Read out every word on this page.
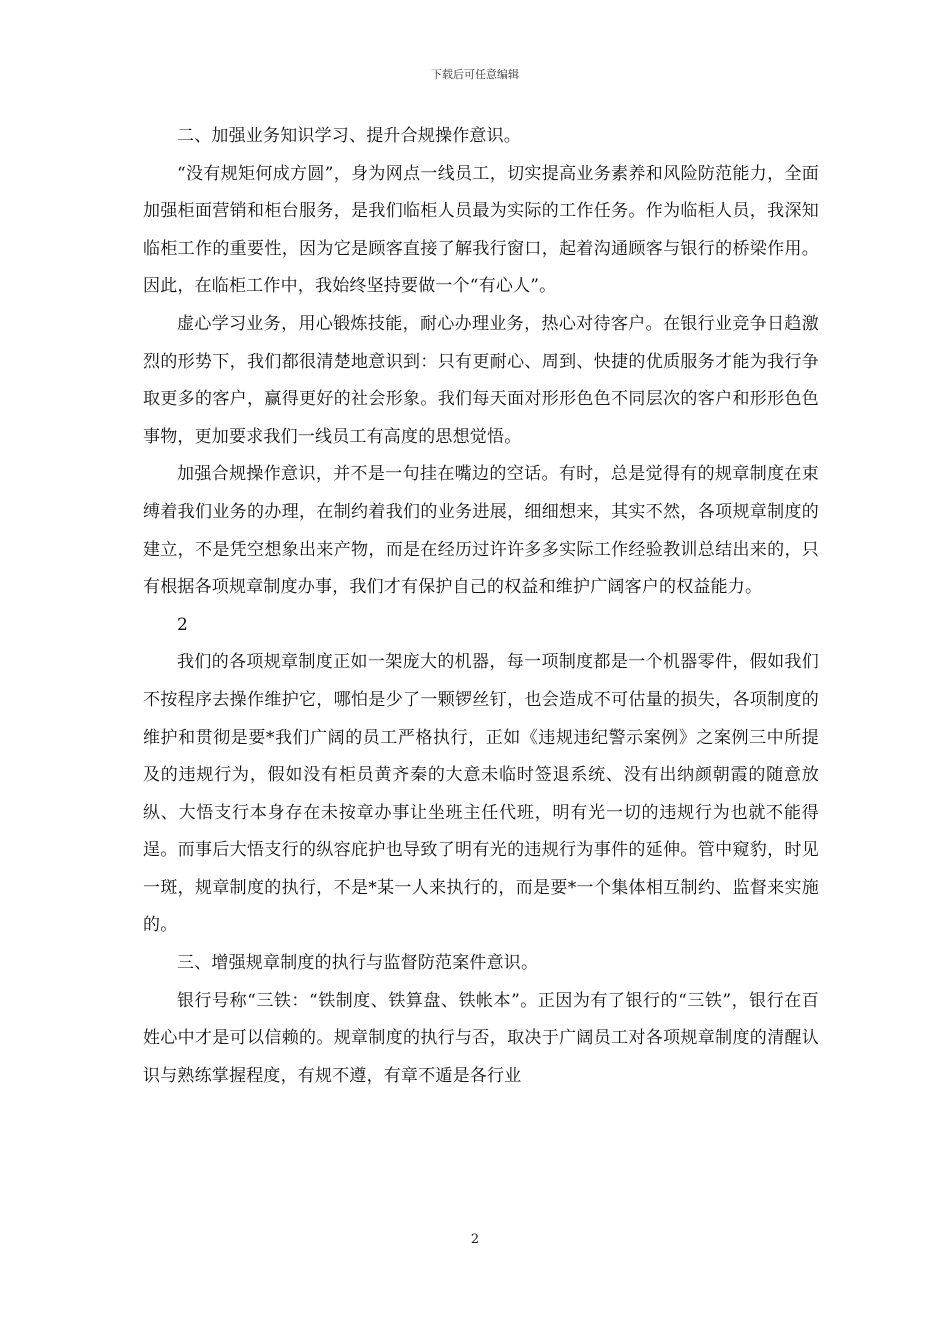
下载后可任意编辑

二、加强业务知识学习、提升合规操作意识。

“没有规矩何成方圆”，身为网点一线员工，切实提高业务素养和风险防范能力，全面加强柜面营销和柜台服务，是我们临柜人员最为实际的工作任务。作为临柜人员，我深知临柜工作的重要性，因为它是顾客直接了解我行窗口，起着沟通顾客与银行的桥梁作用。因此，在临柜工作中，我始终坚持要做一个“有心人”。

虚心学习业务，用心锻炼技能，耐心办理业务，热心对待客户。在银行业竞争日趋激烈的形势下，我们都很清楚地意识到：只有更耐心、周到、快捷的优质服务才能为我行争取更多的客户，赢得更好的社会形象。我们每天面对形形色色不同层次的客户和形形色色事物，更加要求我们一线员工有高度的思想觉悟。

加强合规操作意识，并不是一句挂在嘴边的空话。有时，总是觉得有的规章制度在束缚着我们业务的办理，在制约着我们的业务进展，细细想来，其实不然，各项规章制度的建立，不是凭空想象出来产物，而是在经历过许许多多实际工作经验教训总结出来的，只有根据各项规章制度办事，我们才有保护自己的权益和维护广阔客户的权益能力。

2

我们的各项规章制度正如一架庞大的机器，每一项制度都是一个机器零件，假如我们不按程序去操作维护它，哪怕是少了一颗锣丝钉，也会造成不可估量的损失，各项制度的维护和贯彻是要*我们广阔的员工严格执行，正如《违规违纪警示案例》之案例三中所提及的违规行为，假如没有柜员黄齐秦的大意未临时签退系统、没有出纳颜朝霞的随意放纵、大悟支行本身存在未按章办事让坐班主任代班，明有光一切的违规行为也就不能得逞。而事后大悟支行的纵容庇护也导致了明有光的违规行为事件的延伸。管中窥豹，时见一斑，规章制度的执行，不是*某一人来执行的，而是要*一个集体相互制约、监督来实施的。

三、增强规章制度的执行与监督防范案件意识。

银行号称“三铁：“铁制度、铁算盘、铁帐本”。正因为有了银行的“三铁”，银行在百姓心中才是可以信赖的。规章制度的执行与否，取决于广阔员工对各项规章制度的清醒认识与熟练掌握程度，有规不遵，有章不遁是各行业

2
